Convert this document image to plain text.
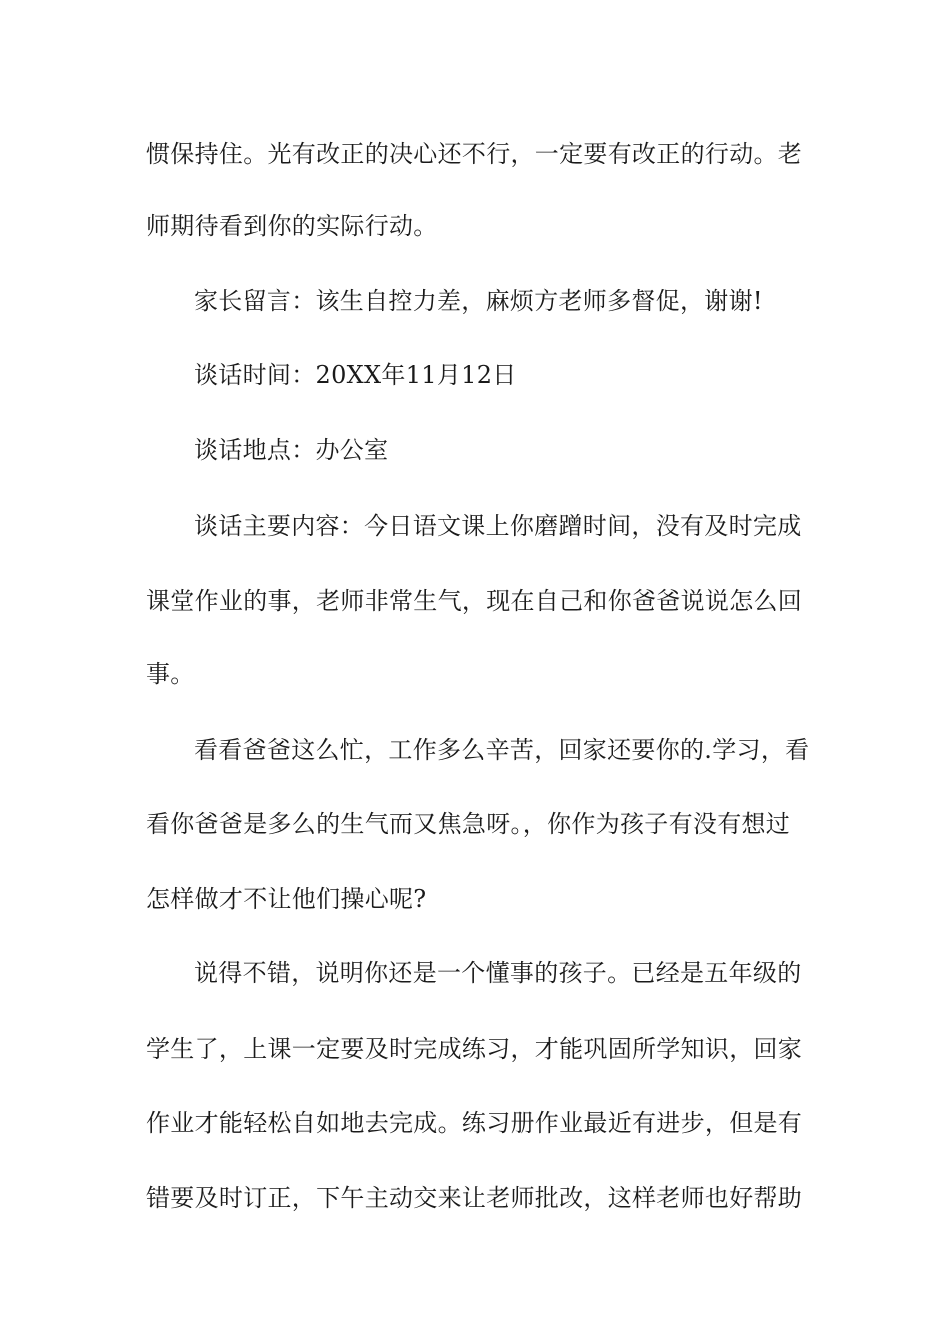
惯保持住。光有改正的决心还不行，一定要有改正的行动。老
师期待看到你的实际行动。
家长留言：该生自控力差，麻烦方老师多督促，谢谢!
谈话时间：20XX年11月12日
谈话地点：办公室
谈话主要内容：今日语文课上你磨蹭时间，没有及时完成
课堂作业的事，老师非常生气，现在自己和你爸爸说说怎么回
事。
看看爸爸这么忙，工作多么辛苦，回家还要你的.学习，看
看你爸爸是多么的生气而又焦急呀。，你作为孩子有没有想过
怎样做才不让他们操心呢?
说得不错，说明你还是一个懂事的孩子。已经是五年级的
学生了，上课一定要及时完成练习，才能巩固所学知识，回家
作业才能轻松自如地去完成。练习册作业最近有进步，但是有
错要及时订正，下午主动交来让老师批改，这样老师也好帮助
